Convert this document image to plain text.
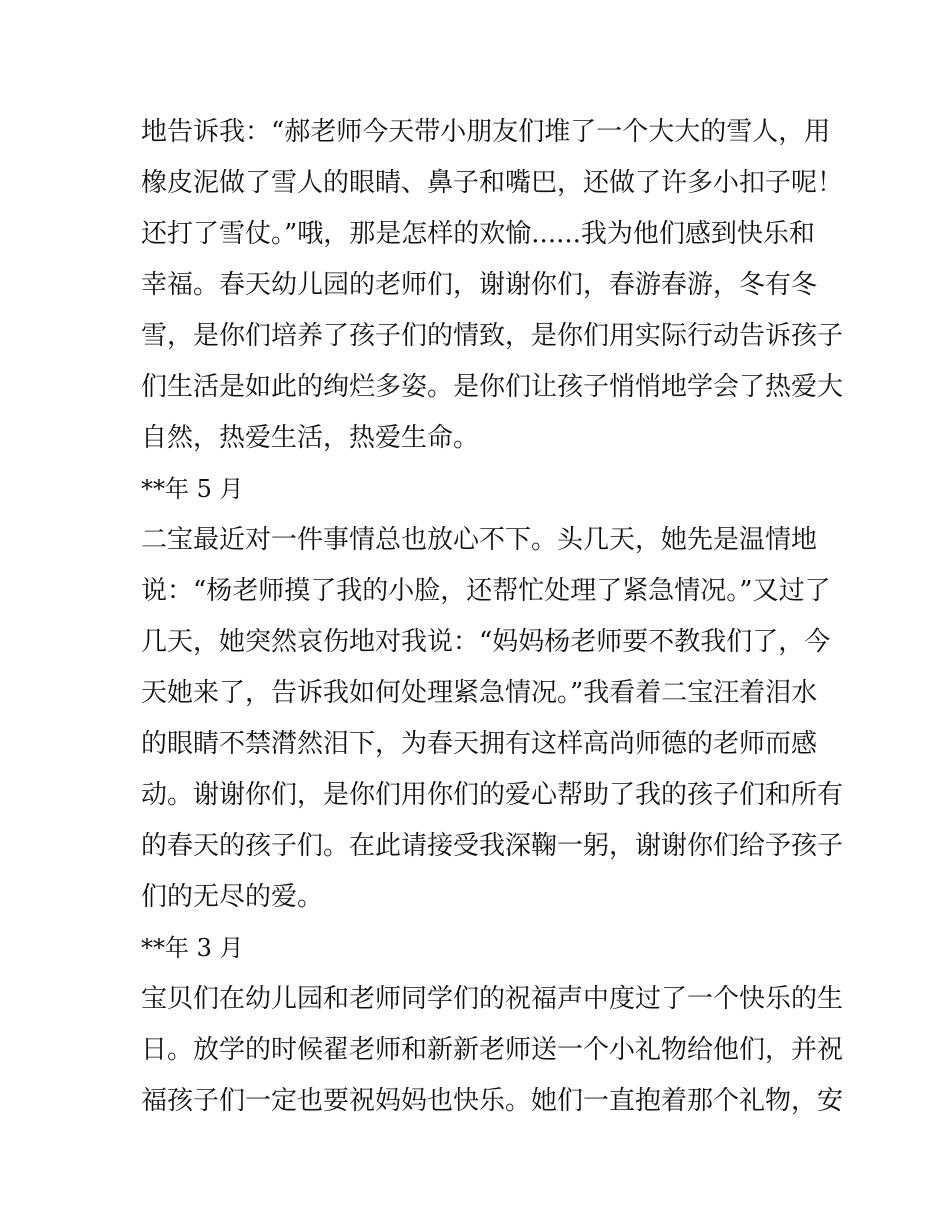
地告诉我：“郝老师今天带小朋友们堆了一个大大的雪人，用
橡皮泥做了雪人的眼睛、鼻子和嘴巴，还做了许多小扣子呢！
还打了雪仗。”哦，那是怎样的欢愉......我为他们感到快乐和
幸福。春天幼儿园的老师们，谢谢你们，春游春游，冬有冬
雪，是你们培养了孩子们的情致，是你们用实际行动告诉孩子
们生活是如此的绚烂多姿。是你们让孩子悄悄地学会了热爱大
自然，热爱生活，热爱生命。
**年 5 月
二宝最近对一件事情总也放心不下。头几天，她先是温情地
说：“杨老师摸了我的小脸，还帮忙处理了紧急情况。”又过了
几天，她突然哀伤地对我说：“妈妈杨老师要不教我们了，今
天她来了，告诉我如何处理紧急情况。”我看着二宝汪着泪水
的眼睛不禁潸然泪下，为春天拥有这样高尚师德的老师而感
动。谢谢你们，是你们用你们的爱心帮助了我的孩子们和所有
的春天的孩子们。在此请接受我深鞠一躬，谢谢你们给予孩子
们的无尽的爱。
**年 3 月
宝贝们在幼儿园和老师同学们的祝福声中度过了一个快乐的生
日。放学的时候翟老师和新新老师送一个小礼物给他们，并祝
福孩子们一定也要祝妈妈也快乐。她们一直抱着那个礼物，安
